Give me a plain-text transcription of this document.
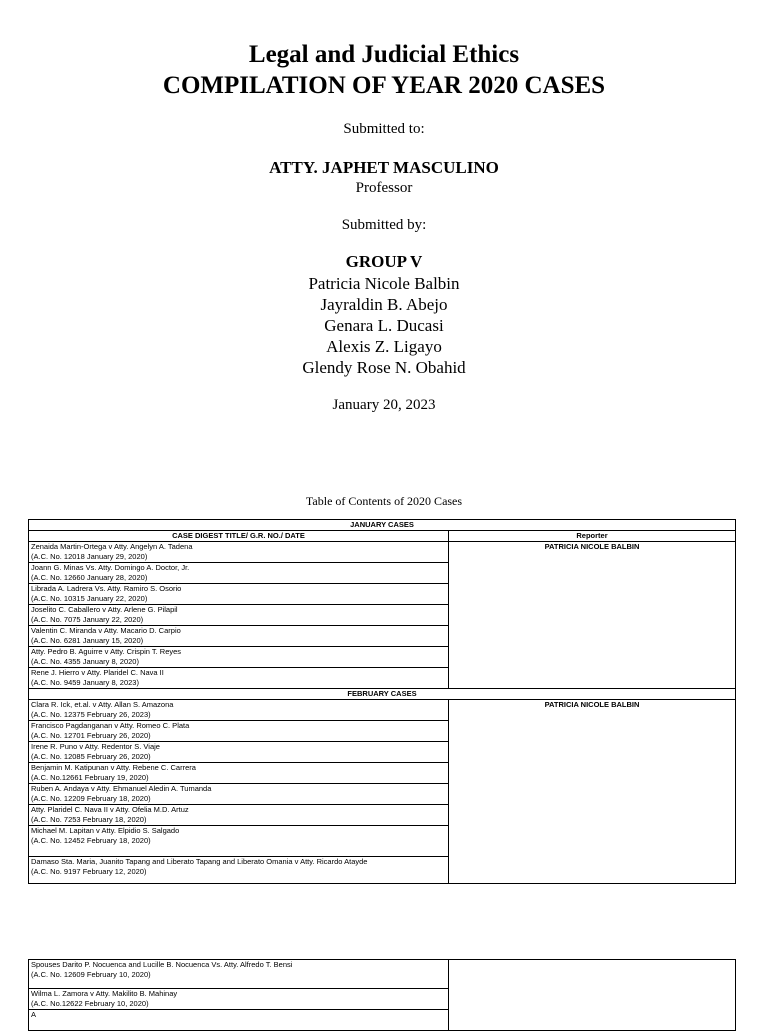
Legal and Judicial Ethics
COMPILATION OF YEAR 2020 CASES
Submitted to:
ATTY. JAPHET MASCULINO
Professor
Submitted by:
GROUP V
Patricia Nicole Balbin
Jayraldin B. Abejo
Genara L. Ducasi
Alexis Z. Ligayo
Glendy Rose N. Obahid
January 20, 2023
Table of Contents of 2020 Cases
JANUARY CASES	
CASE DIGEST TITLE/ G.R. NO./ DATE	Reporter

Zenaida Martin-Ortega v Atty. Angelyn A. Tadena
(A.C. No. 12018 January 29, 2020)	PATRICIA NICOLE BALBIN

Joann G. Minas Vs. Atty. Domingo A. Doctor, Jr.
(A.C. No. 12660 January 28, 2020)	

Librada A. Ladrera Vs. Atty. Ramiro S. Osorio
(A.C. No. 10315 January 22, 2020)	

Joselito C. Caballero v Atty. Arlene G. Pilapil
(A.C. No. 7075 January 22, 2020)	

Valentin C. Miranda v Atty. Macario D. Carpio
(A.C. No. 6281 January 15, 2020)	

Atty. Pedro B. Aguirre v Atty. Crispin T. Reyes
(A.C. No. 4355 January 8, 2020)	

Rene J. Hierro v Atty. Plaridel C. Nava II
(A.C. No. 9459 January 8, 2023)	

FEBRUARY CASES	

Clara R. Ick, et.al. v Atty. Allan S. Amazona
(A.C. No. 12375 February 26, 2023)	PATRICIA NICOLE BALBIN

Francisco Pagdanganan v Atty. Romeo C. Plata
(A.C. No. 12701 February 26, 2020)	

Irene R. Puno v Atty. Redentor S. Viaje
(A.C. No. 12085 February 26, 2020)	

Benjamin M. Katipunan v Atty. Rebene C. Carrera
(A.C. No.12661 February 19, 2020)	

Ruben A. Andaya v Atty. Ehmanuel Aledin A. Tumanda
(A.C. No. 12209 February 18, 2020)	

Atty. Plaridel C. Nava II v Atty. Ofelia M.D. Artuz
(A.C. No. 7253 February 18, 2020)	

Michael M. Lapitan v Atty. Elpidio S. Salgado
(A.C. No. 12452 February 18, 2020)	

Damaso Sta. Maria, Juanito Tapang and Liberato Tapang and Liberato Omania v Atty. Ricardo Atayde
(A.C. No. 9197 February 12, 2020)	
Spouses Darito P. Nocuenca and Lucille B. Nocuenca Vs. Atty. Alfredo T. Bensi
(A.C. No. 12609 February 10, 2020)

Wilma L. Zamora v Atty. Makilito B. Mahinay
(A.C. No.12622 February 10, 2020)

A
